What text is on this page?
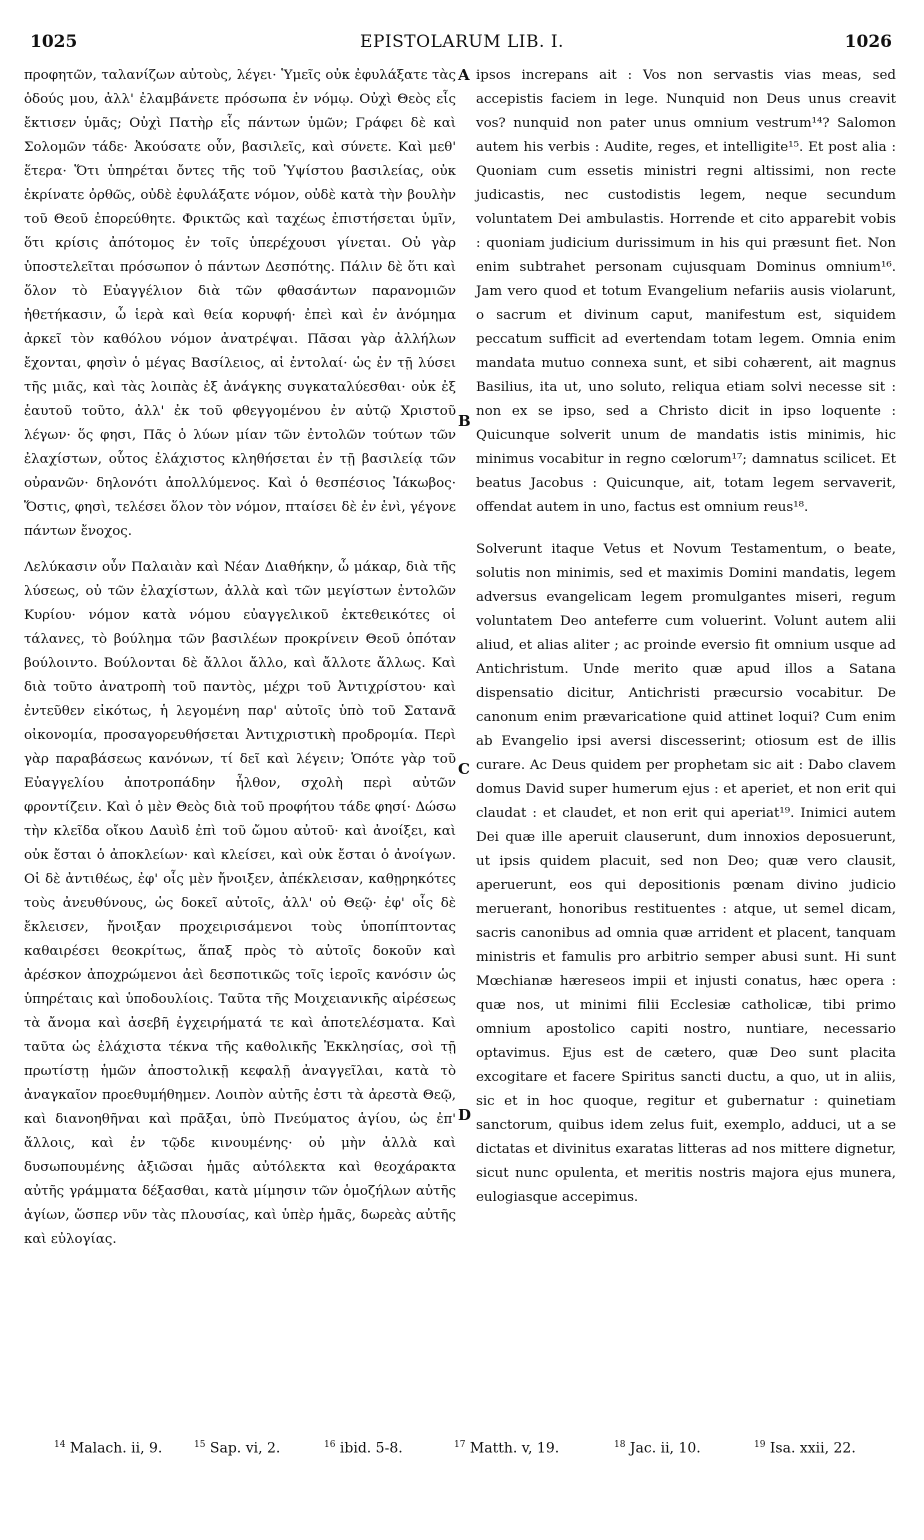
1025	EPISTOLARUM LIB. I.	1026

προφητῶν, ταλανίζων αὐτοὺς, λέγει· Ὑμεῖς οὐκ ἐφυλάξατε τὰς ὁδούς μου, ἀλλ' ἐλαμβάνετε πρόσωπα ἐν νόμῳ. Οὐχὶ Θεὸς εἷς ἔκτισεν ὑμᾶς; Οὐχὶ Πατὴρ εἷς πάντων ὑμῶν; Γράφει δὲ καὶ Σολομῶν τάδε· Ἀκούσατε οὖν, βασιλεῖς, καὶ σύνετε. Καὶ μεθ' ἕτερα· Ὅτι ὑπηρέται ὄντες τῆς τοῦ Ὑψίστου βασιλείας, οὐκ ἐκρίνατε ὀρθῶς, οὐδὲ ἐφυλάξατε νόμον, οὐδὲ κατὰ τὴν βουλὴν τοῦ Θεοῦ ἐπορεύθητε. Φρικτῶς καὶ ταχέως ἐπιστήσεται ὑμῖν, ὅτι κρίσις ἀπότομος ἐν τοῖς ὑπερέχουσι γίνεται. Οὐ γὰρ ὑποστελεῖται πρόσωπον ὁ πάντων Δεσπότης. Πάλιν δὲ ὅτι καὶ ὅλον τὸ Εὐαγγέλιον διὰ τῶν φθασάντων παρανομιῶν ἠθετήκασιν, ὦ ἱερὰ καὶ θεία κορυφή· ἐπεὶ καὶ ἐν ἀνόμημα ἀρκεῖ τὸν καθόλου νόμον ἀνατρέψαι. Πᾶσαι γὰρ ἀλλήλων ἔχονται, φησὶν ὁ μέγας Βασίλειος, αἱ ἐντολαί· ὡς ἐν τῇ λύσει τῆς μιᾶς, καὶ τὰς λοιπὰς ἐξ ἀνάγκης συγκαταλύεσθαι· οὐκ ἐξ ἑαυτοῦ τοῦτο, ἀλλ' ἐκ τοῦ φθεγγομένου ἐν αὐτῷ Χριστοῦ λέγων· ὅς φησι, Πᾶς ὁ λύων μίαν τῶν ἐντολῶν τούτων τῶν ἐλαχίστων, οὗτος ἐλάχιστος κληθήσεται ἐν τῇ βασιλείᾳ τῶν οὐρανῶν· δηλονότι ἀπολλύμενος. Καὶ ὁ θεσπέσιος Ἰάκωβος· Ὅστις, φησὶ, τελέσει ὅλον τὸν νόμον, πταίσει δὲ ἐν ἑνὶ, γέγονε πάντων ἔνοχος.

Λελύκασιν οὖν Παλαιὰν καὶ Νέαν Διαθήκην, ὦ μάκαρ, διὰ τῆς λύσεως, οὐ τῶν ἐλαχίστων, ἀλλὰ καὶ τῶν μεγίστων ἐντολῶν Κυρίου· νόμον κατὰ νόμου εὐαγγελικοῦ ἐκτεθεικότες οἱ τάλανες, τὸ βούλημα τῶν βασιλέων προκρίνειν Θεοῦ ὁπόταν βούλοιντο. Βούλονται δὲ ἄλλοι ἄλλο, καὶ ἄλλοτε ἄλλως. Καὶ διὰ τοῦτο ἀνατροπὴ τοῦ παντὸς, μέχρι τοῦ Ἀντιχρίστου· καὶ ἐντεῦθεν εἰκότως, ἡ λεγομένη παρ' αὐτοῖς ὑπὸ τοῦ Σατανᾶ οἰκονομία, προσαγορευθήσεται Ἀντιχριστικὴ προδρομία. Περὶ γὰρ παραβάσεως κανόνων, τί δεῖ καὶ λέγειν; Ὁπότε γὰρ τοῦ Εὐαγγελίου ἀποτροπάδην ἦλθον, σχολὴ περὶ αὐτῶν φροντίζειν. Καὶ ὁ μὲν Θεὸς διὰ τοῦ προφήτου τάδε φησί· Δώσω τὴν κλεῖδα οἴκου Δαυὶδ ἐπὶ τοῦ ὤμου αὐτοῦ· καὶ ἀνοίξει, καὶ οὐκ ἔσται ὁ ἀποκλείων· καὶ κλείσει, καὶ οὐκ ἔσται ὁ ἀνοίγων. Οἱ δὲ ἀντιθέως, ἐφ' οἷς μὲν ἤνοιξεν, ἀπέκλεισαν, καθῃρηκότες τοὺς ἀνευθύνους, ὡς δοκεῖ αὐτοῖς, ἀλλ' οὐ Θεῷ· ἐφ' οἷς δὲ ἔκλεισεν, ἤνοιξαν προχειρισάμενοι τοὺς ὑποπίπτοντας καθαιρέσει θεοκρίτως, ἅπαξ πρὸς τὸ αὐτοῖς δοκοῦν καὶ ἀρέσκον ἀποχρώμενοι ἀεὶ δεσποτικῶς τοῖς ἱεροῖς κανόσιν ὡς ὑπηρέταις καὶ ὑποδουλίοις. Ταῦτα τῆς Μοιχειανικῆς αἱρέσεως τὰ ἄνομα καὶ ἀσεβῆ ἐγχειρήματά τε καὶ ἀποτελέσματα. Καὶ ταῦτα ὡς ἐλάχιστα τέκνα τῆς καθολικῆς Ἐκκλησίας, σοὶ τῇ πρωτίστῃ ἡμῶν ἀποστολικῇ κεφαλῇ ἀναγγεῖλαι, κατὰ τὸ ἀναγκαῖον προεθυμήθημεν. Λοιπὸν αὐτῆς ἐστι τὰ ἀρεστὰ Θεῷ, καὶ διανοηθῆναι καὶ πρᾶξαι, ὑπὸ Πνεύματος ἁγίου, ὡς ἐπ' ἄλλοις, καὶ ἐν τῷδε κινουμένης· οὐ μὴν ἀλλὰ καὶ δυσωπουμένης ἀξιῶσαι ἡμᾶς αὐτόλεκτα καὶ θεοχάρακτα αὐτῆς γράμματα δέξασθαι, κατὰ μίμησιν τῶν ὁμοζήλων αὐτῆς ἁγίων, ὥσπερ νῦν τὰς πλουσίας, καὶ ὑπὲρ ἡμᾶς, δωρεὰς αὐτῆς καὶ εὐλογίας.

ipsos increpans ait : Vos non servastis vias meas, sed accepistis faciem in lege. Nunquid non Deus unus creavit vos? nunquid non pater unus omnium vestrum¹⁴? Salomon autem his verbis : Audite, reges, et intelligite¹⁵. Et post alia : Quoniam cum essetis ministri regni altissimi, non recte judicastis, nec custodistis legem, neque secundum voluntatem Dei ambulastis. Horrende et cito apparebit vobis : quoniam judicium durissimum in his qui præsunt fiet. Non enim subtrahet personam cujusquam Dominus omnium¹⁶. Jam vero quod et totum Evangelium nefariis ausis violarunt, o sacrum et divinum caput, manifestum est, siquidem peccatum sufficit ad evertendam totam legem. Omnia enim mandata mutuo connexa sunt, et sibi cohærent, ait magnus Basilius, ita ut, uno soluto, reliqua etiam solvi necesse sit : non ex se ipso, sed a Christo dicit in ipso loquente : Quicunque solverit unum de mandatis istis minimis, hic minimus vocabitur in regno cœlorum¹⁷; damnatus scilicet. Et beatus Jacobus : Quicunque, ait, totam legem servaverit, offendat autem in uno, factus est omnium reus¹⁸.

Solverunt itaque Vetus et Novum Testamentum, o beate, solutis non minimis, sed et maximis Domini mandatis, legem adversus evangelicam legem promulgantes miseri, regum voluntatem Deo anteferre cum voluerint. Volunt autem alii aliud, et alias aliter ; ac proinde eversio fit omnium usque ad Antichristum. Unde merito quæ apud illos a Satana dispensatio dicitur, Antichristi præcursio vocabitur. De canonum enim prævaricatione quid attinet loqui? Cum enim ab Evangelio ipsi aversi discesserint; otiosum est de illis curare. Ac Deus quidem per prophetam sic ait : Dabo clavem domus David super humerum ejus : et aperiet, et non erit qui claudat : et claudet, et non erit qui aperiat¹⁹. Inimici autem Dei quæ ille aperuit clauserunt, dum innoxios deposuerunt, ut ipsis quidem placuit, sed non Deo; quæ vero clausit, aperuerunt, eos qui depositionis pœnam divino judicio meruerant, honoribus restituentes : atque, ut semel dicam, sacris canonibus ad omnia quæ arrident et placent, tanquam ministris et famulis pro arbitrio semper abusi sunt. Hi sunt Mœchianæ hæreseos impii et injusti conatus, hæc opera : quæ nos, ut minimi filii Ecclesiæ catholicæ, tibi primo omnium apostolico capiti nostro, nuntiare, necessario optavimus. Ejus est de cætero, quæ Deo sunt placita excogitare et facere Spiritus sancti ductu, a quo, ut in aliis, sic et in hoc quoque, regitur et gubernatur : quinetiam sanctorum, quibus idem zelus fuit, exemplo, adduci, ut a se dictatas et divinitus exaratas litteras ad nos mittere dignetur, sicut nunc opulenta, et meritis nostris majora ejus munera, eulogiasque accepimus.

A
B
C
D
$^{14}$ Malach. ii, 9.	$^{15}$ Sap. vi, 2.	$^{16}$ ibid. 5-8.	$^{17}$ Matth. v, 19.	$^{18}$ Jac. ii, 10.	$^{19}$ Isa. xxii, 22.
